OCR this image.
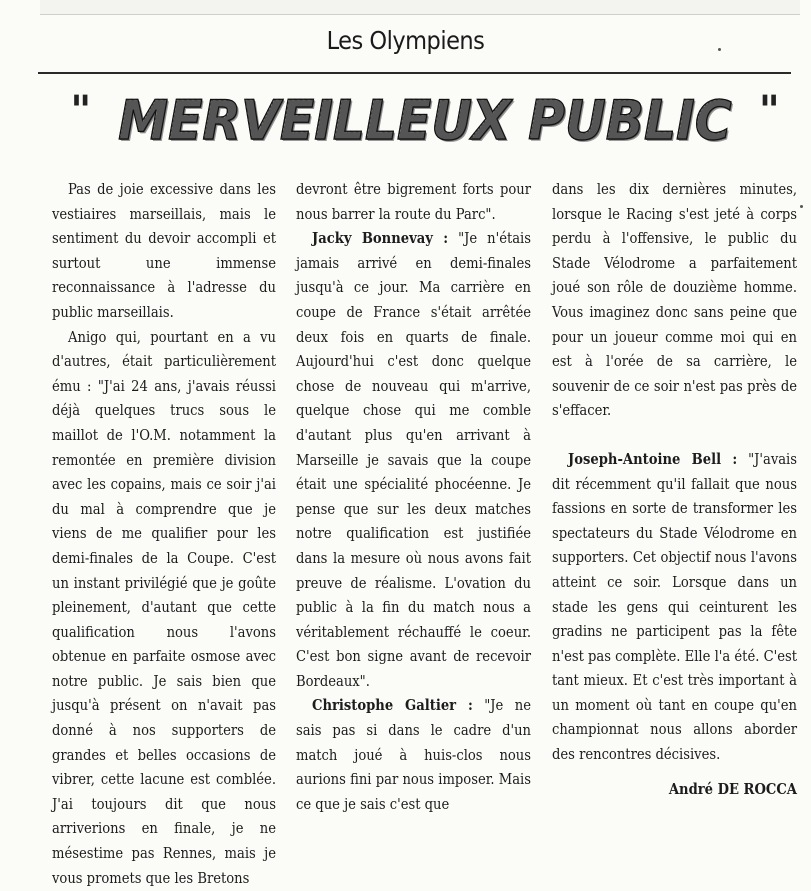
Les Olympiens
" MERVEILLEUX PUBLIC "

Pas de joie excessive dans les vestiaires marseillais, mais le sentiment du devoir accompli et surtout une immense reconnaissance à l'adresse du public marseillais.

Anigo qui, pourtant en a vu d'autres, était particulièrement ému : "J'ai 24 ans, j'avais réussi déjà quelques trucs sous le maillot de l'O.M. notamment la remontée en première division avec les copains, mais ce soir j'ai du mal à comprendre que je viens de me qualifier pour les demi-finales de la Coupe. C'est un instant privilégié que je goûte pleinement, d'autant que cette qualification nous l'avons obtenue en parfaite osmose avec notre public. Je sais bien que jusqu'à présent on n'avait pas donné à nos supporters de grandes et belles occasions de vibrer, cette lacune est comblée. J'ai toujours dit que nous arriverions en finale, je ne mésestime pas Rennes, mais je vous promets que les Bretons

devront être bigrement forts pour nous barrer la route du Parc".

Jacky Bonnevay : "Je n'étais jamais arrivé en demi-finales jusqu'à ce jour. Ma carrière en coupe de France s'était arrêtée deux fois en quarts de finale. Aujourd'hui c'est donc quelque chose de nouveau qui m'arrive, quelque chose qui me comble d'autant plus qu'en arrivant à Marseille je savais que la coupe était une spécialité phocéenne. Je pense que sur les deux matches notre qualification est justifiée dans la mesure où nous avons fait preuve de réalisme. L'ovation du public à la fin du match nous a véritablement réchauffé le coeur. C'est bon signe avant de recevoir Bordeaux".

Christophe Galtier : "Je ne sais pas si dans le cadre d'un match joué à huis-clos nous aurions fini par nous imposer. Mais ce que je sais c'est que

dans les dix dernières minutes, lorsque le Racing s'est jeté à corps perdu à l'offensive, le public du Stade Vélodrome a parfaitement joué son rôle de douzième homme. Vous imaginez donc sans peine que pour un joueur comme moi qui en est à l'orée de sa carrière, le souvenir de ce soir n'est pas près de s'effacer.

Joseph-Antoine Bell : "J'avais dit récemment qu'il fallait que nous fassions en sorte de transformer les spectateurs du Stade Vélodrome en supporters. Cet objectif nous l'avons atteint ce soir. Lorsque dans un stade les gens qui ceinturent les gradins ne participent pas la fête n'est pas complète. Elle l'a été. C'est tant mieux. Et c'est très important à un moment où tant en coupe qu'en championnat nous allons aborder des rencontres décisives.

André DE ROCCA
